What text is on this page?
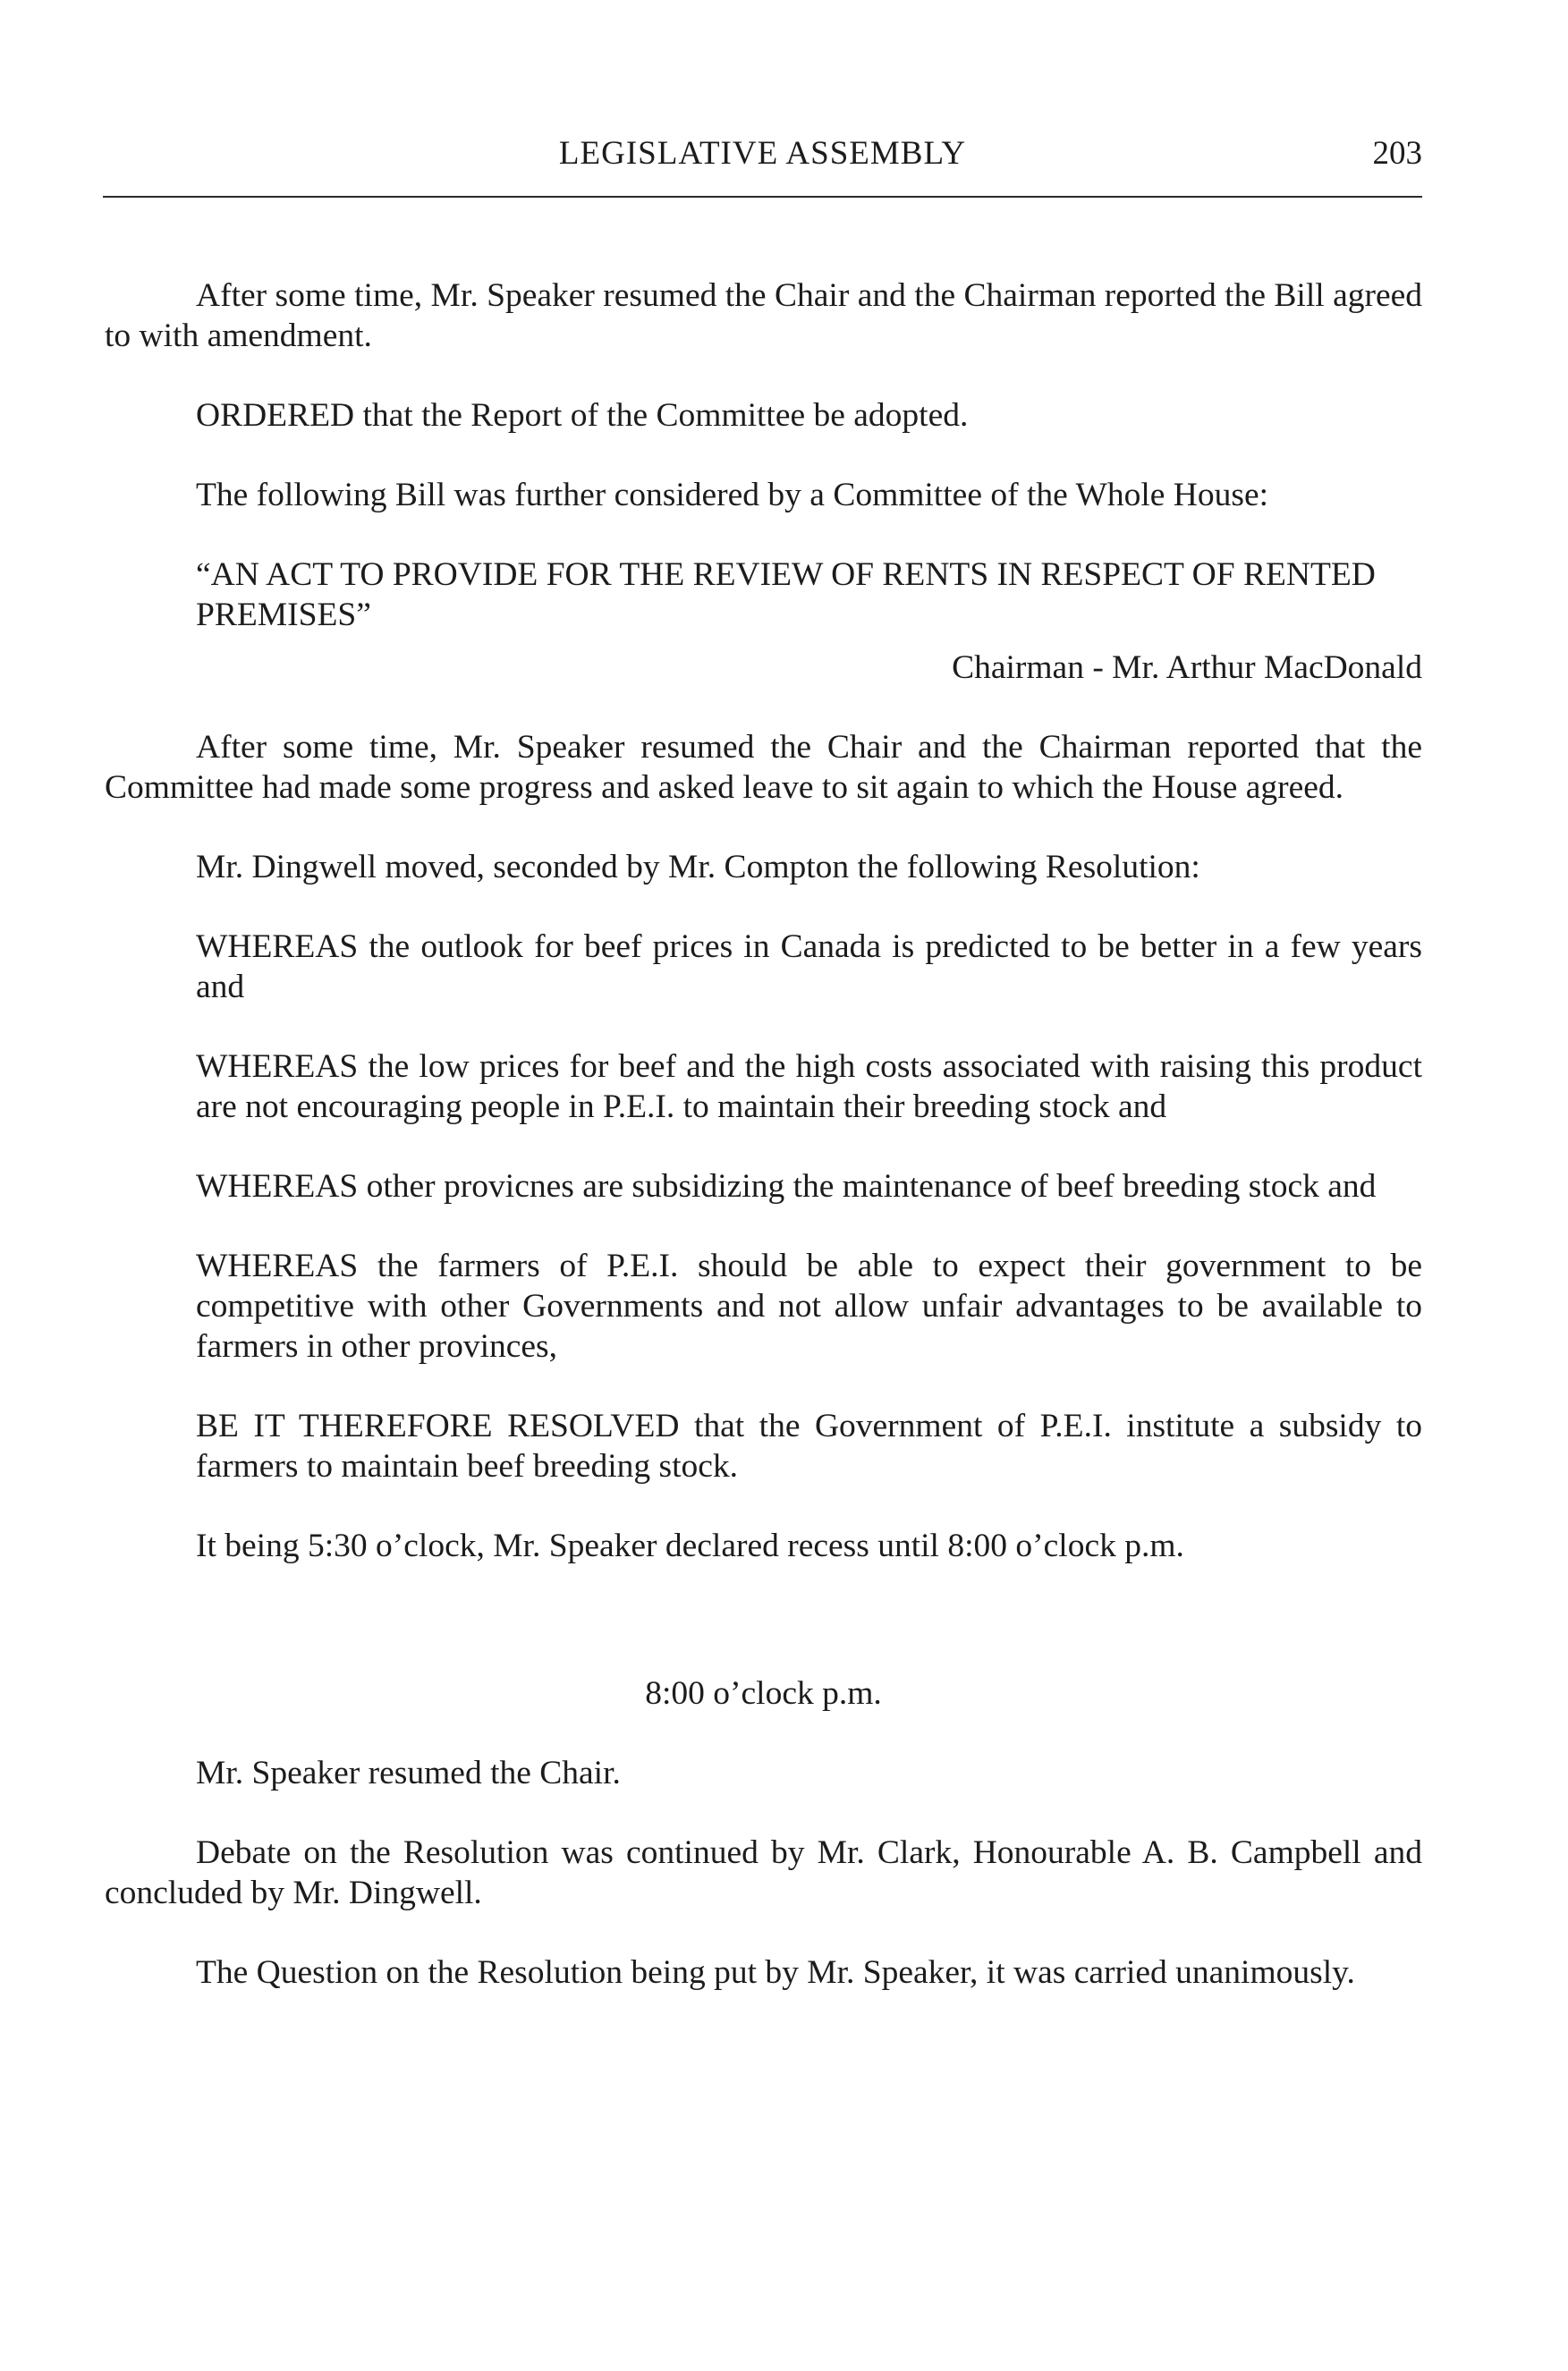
LEGISLATIVE ASSEMBLY	203

After some time, Mr. Speaker resumed the Chair and the Chairman reported the Bill agreed to with amendment.

ORDERED that the Report of the Committee be adopted.

The following Bill was further considered by a Committee of the Whole House:

“AN ACT TO PROVIDE FOR THE REVIEW OF RENTS IN RESPECT OF RENTED PREMISES”

Chairman - Mr. Arthur MacDonald

After some time, Mr. Speaker resumed the Chair and the Chairman reported that the Committee had made some progress and asked leave to sit again to which the House agreed.

Mr. Dingwell moved, seconded by Mr. Compton the following Resolution:

WHEREAS the outlook for beef prices in Canada is predicted to be better in a few years and

WHEREAS the low prices for beef and the high costs associated with raising this product are not encouraging people in P.E.I. to maintain their breeding stock and

WHEREAS other provicnes are subsidizing the maintenance of beef breeding stock and

WHEREAS the farmers of P.E.I. should be able to expect their government to be competitive with other Governments and not allow unfair advantages to be available to farmers in other provinces,

BE IT THEREFORE RESOLVED that the Government of P.E.I. institute a subsidy to farmers to maintain beef breeding stock.

It being 5:30 o’clock, Mr. Speaker declared recess until 8:00 o’clock p.m.

8:00 o’clock p.m.

Mr. Speaker resumed the Chair.

Debate on the Resolution was continued by Mr. Clark, Honourable A. B. Campbell and concluded by Mr. Dingwell.

The Question on the Resolution being put by Mr. Speaker, it was carried unanimously.
